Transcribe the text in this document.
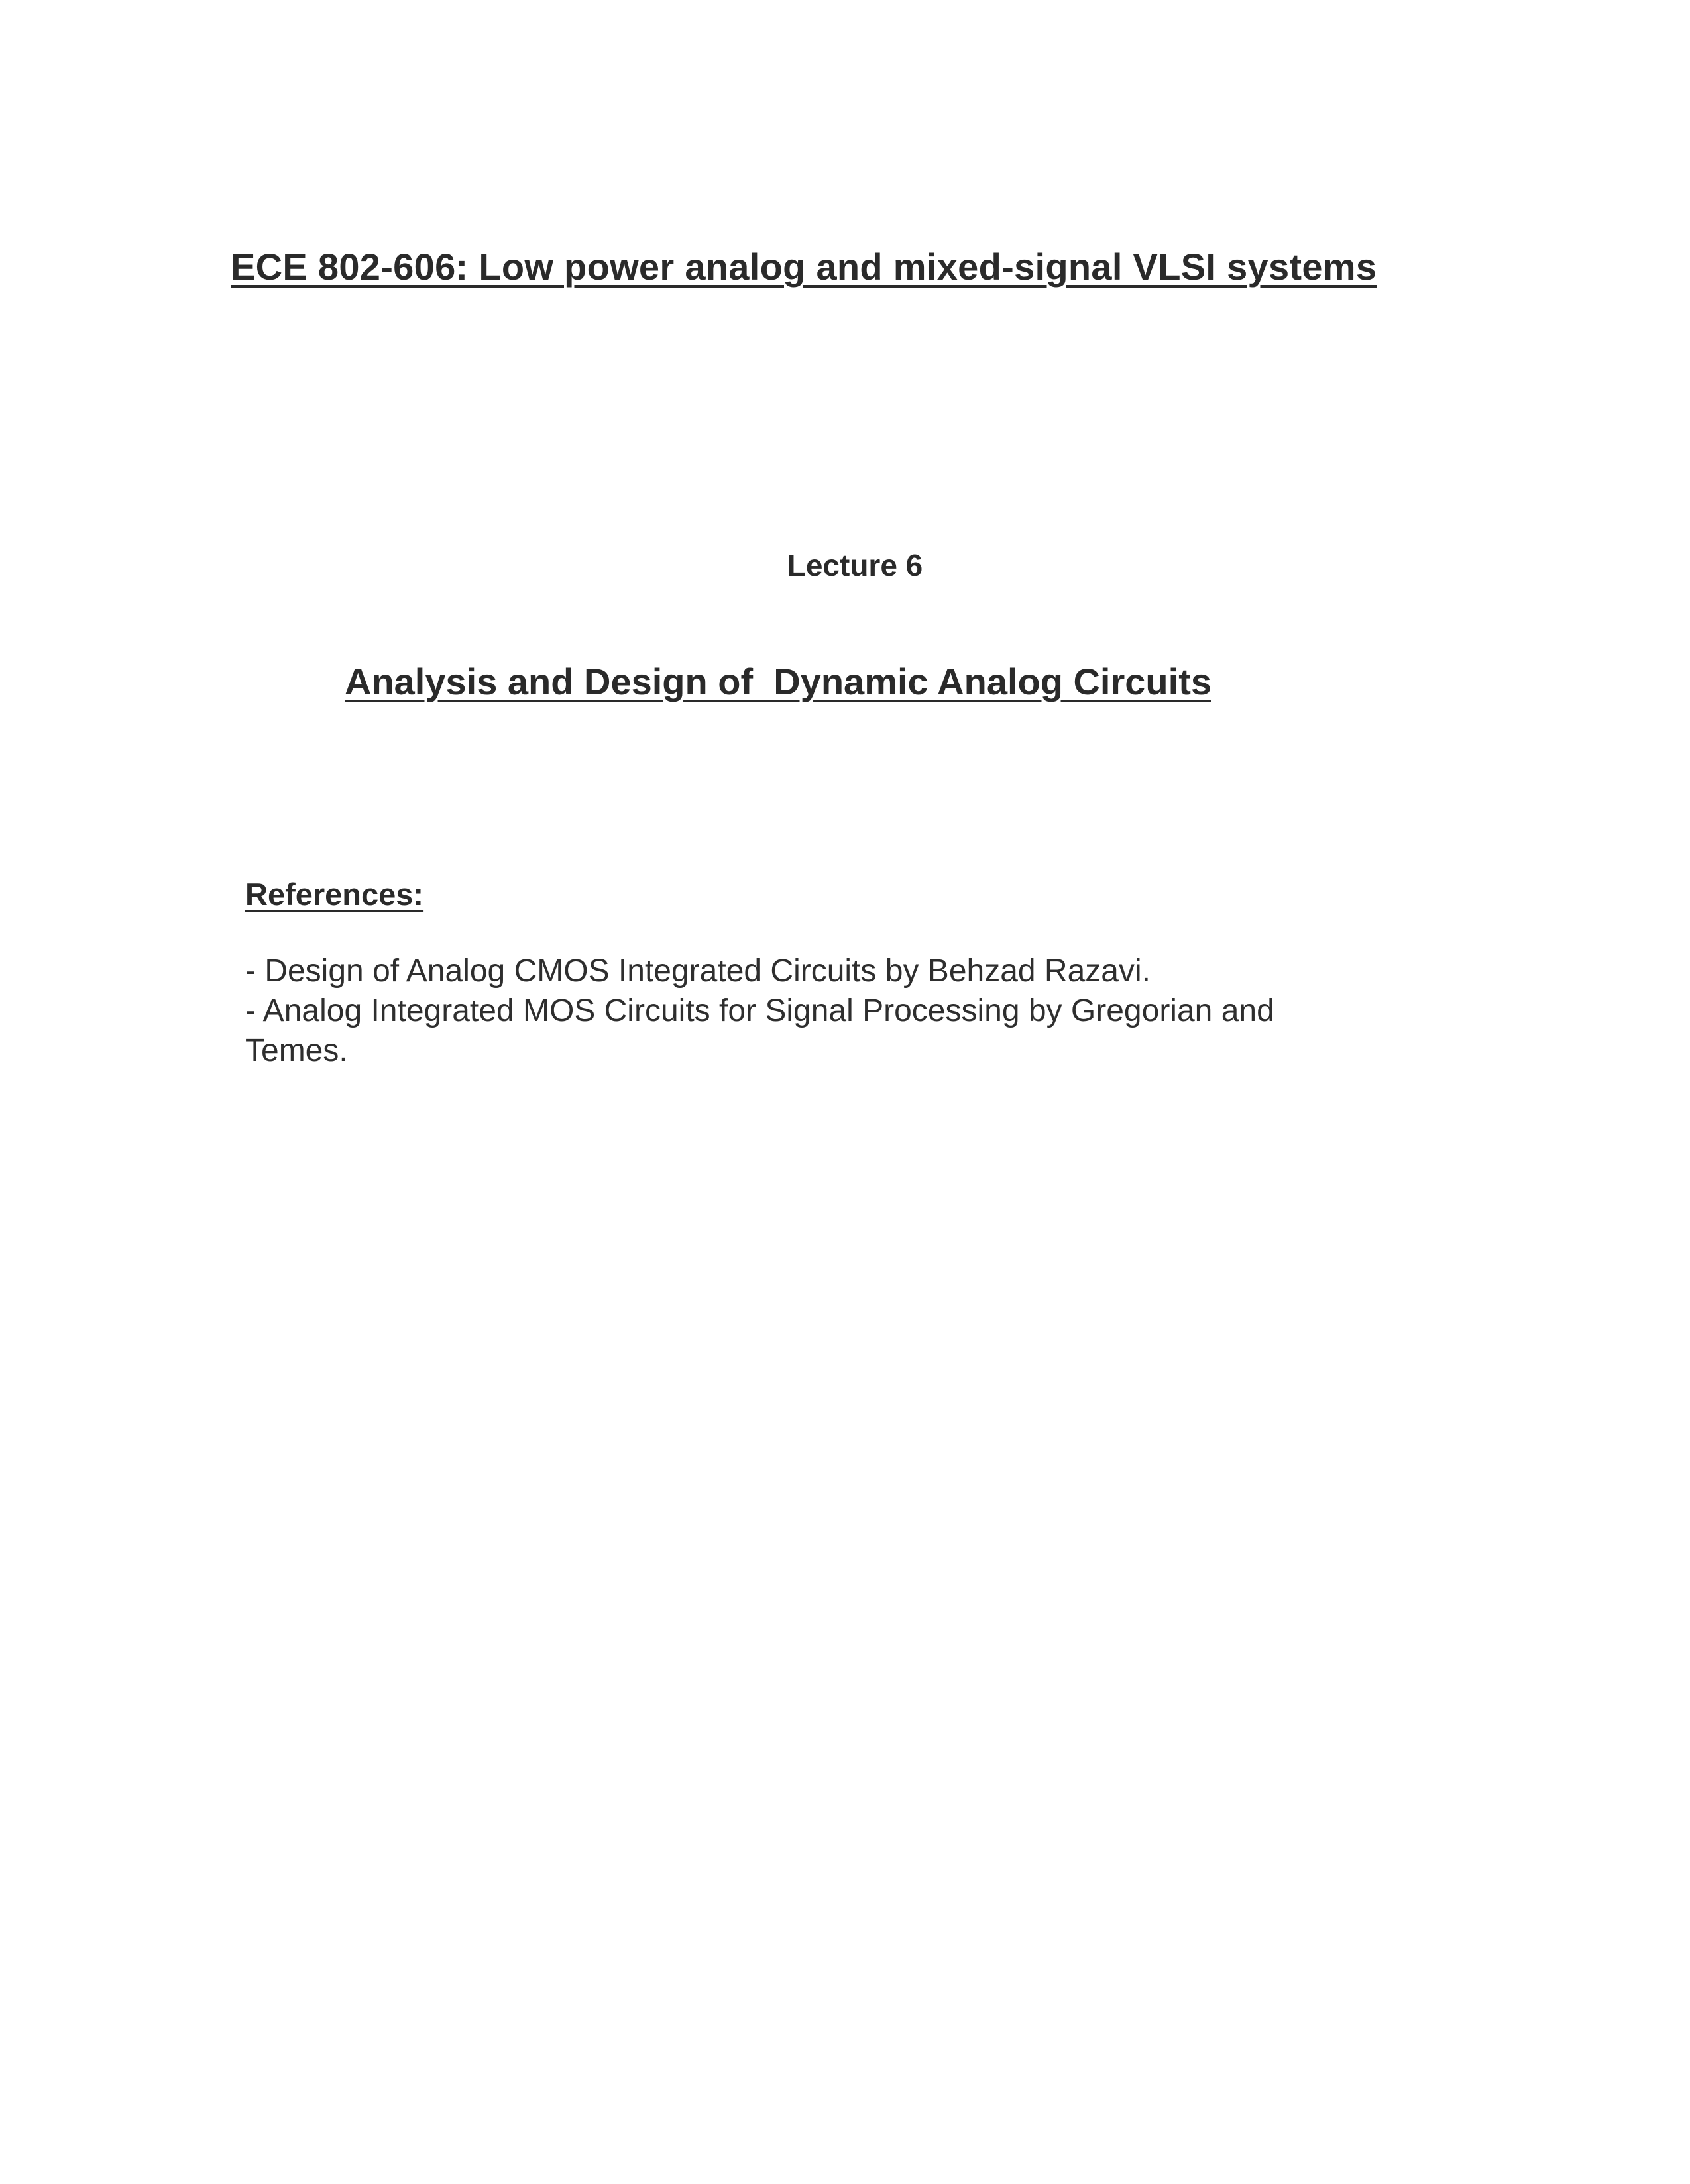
ECE 802-606: Low power analog and mixed-signal VLSI systems
Lecture 6
Analysis and Design of  Dynamic Analog Circuits
References:
- Design of Analog CMOS Integrated Circuits by Behzad Razavi.
- Analog Integrated MOS Circuits for Signal Processing by Gregorian and Temes.
